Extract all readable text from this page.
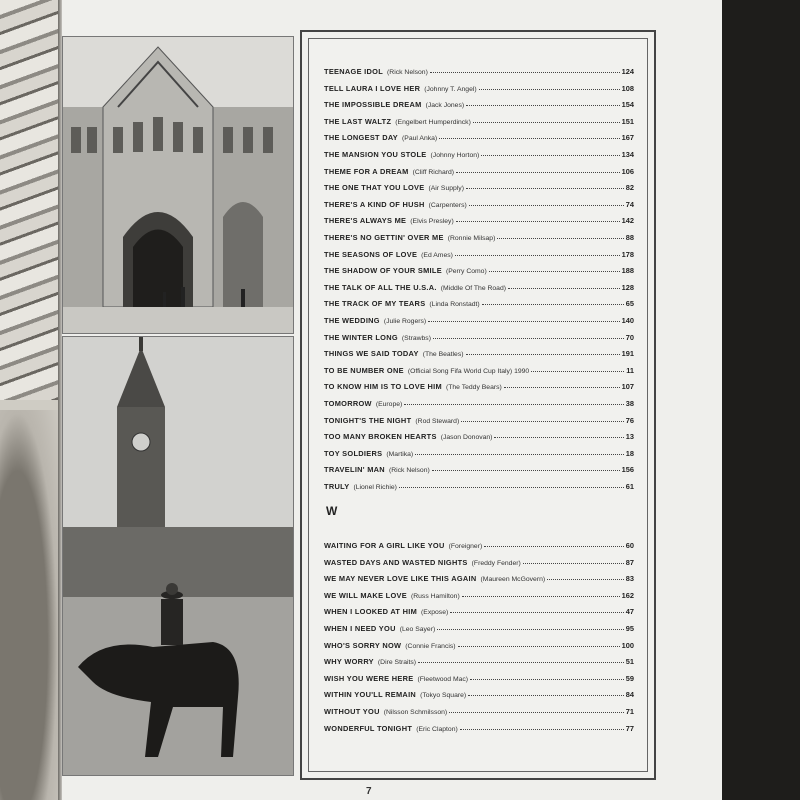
W
7
TEENAGE IDOL (Rick Nelson)	124
TELL LAURA I LOVE HER (Johnny T. Angel)	108
THE IMPOSSIBLE DREAM (Jack Jones)	154
THE LAST WALTZ (Engelbert Humperdinck)	151
THE LONGEST DAY (Paul Anka)	167
THE MANSION YOU STOLE (Johnny Horton)	134
THEME FOR A DREAM (Cliff Richard)	106
THE ONE THAT YOU LOVE (Air Supply)	82
THERE'S A KIND OF HUSH (Carpenters)	74
THERE'S ALWAYS ME (Elvis Presley)	142
THERE'S NO GETTIN' OVER ME (Ronnie Milsap)	88
THE SEASONS OF LOVE (Ed Ames)	178
THE SHADOW OF YOUR SMILE (Perry Como)	188
THE TALK OF ALL THE U.S.A. (Middle Of The Road)	128
THE TRACK OF MY TEARS (Linda Ronstadt)	65
THE WEDDING (Julie Rogers)	140
THE WINTER LONG (Strawbs)	70
THINGS WE SAID TODAY (The Beatles)	191
TO BE NUMBER ONE (Official Song Fifa World Cup Italy) 1990	11
TO KNOW HIM IS TO LOVE HIM (The Teddy Bears)	107
TOMORROW (Europe)	38
TONIGHT'S THE NIGHT (Rod Steward)	76
TOO MANY BROKEN HEARTS (Jason Donovan)	13
TOY SOLDIERS (Martika)	18
TRAVELIN' MAN (Rick Nelson)	156
TRULY (Lionel Richie)	61
WAITING FOR A GIRL LIKE YOU (Foreigner)	60
WASTED DAYS AND WASTED NIGHTS (Freddy Fender)	87
WE MAY NEVER LOVE LIKE THIS AGAIN (Maureen McGovern)	83
WE WILL MAKE LOVE (Russ Hamilton)	162
WHEN I LOOKED AT HIM (Expose)	47
WHEN I NEED YOU (Leo Sayer)	95
WHO'S SORRY NOW (Connie Francis)	100
WHY WORRY (Dire Straits)	51
WISH YOU WERE HERE (Fleetwood Mac)	59
WITHIN YOU'LL REMAIN (Tokyo Square)	84
WITHOUT YOU (Nilsson Schmilsson)	71
WONDERFUL TONIGHT (Eric Clapton)	77
